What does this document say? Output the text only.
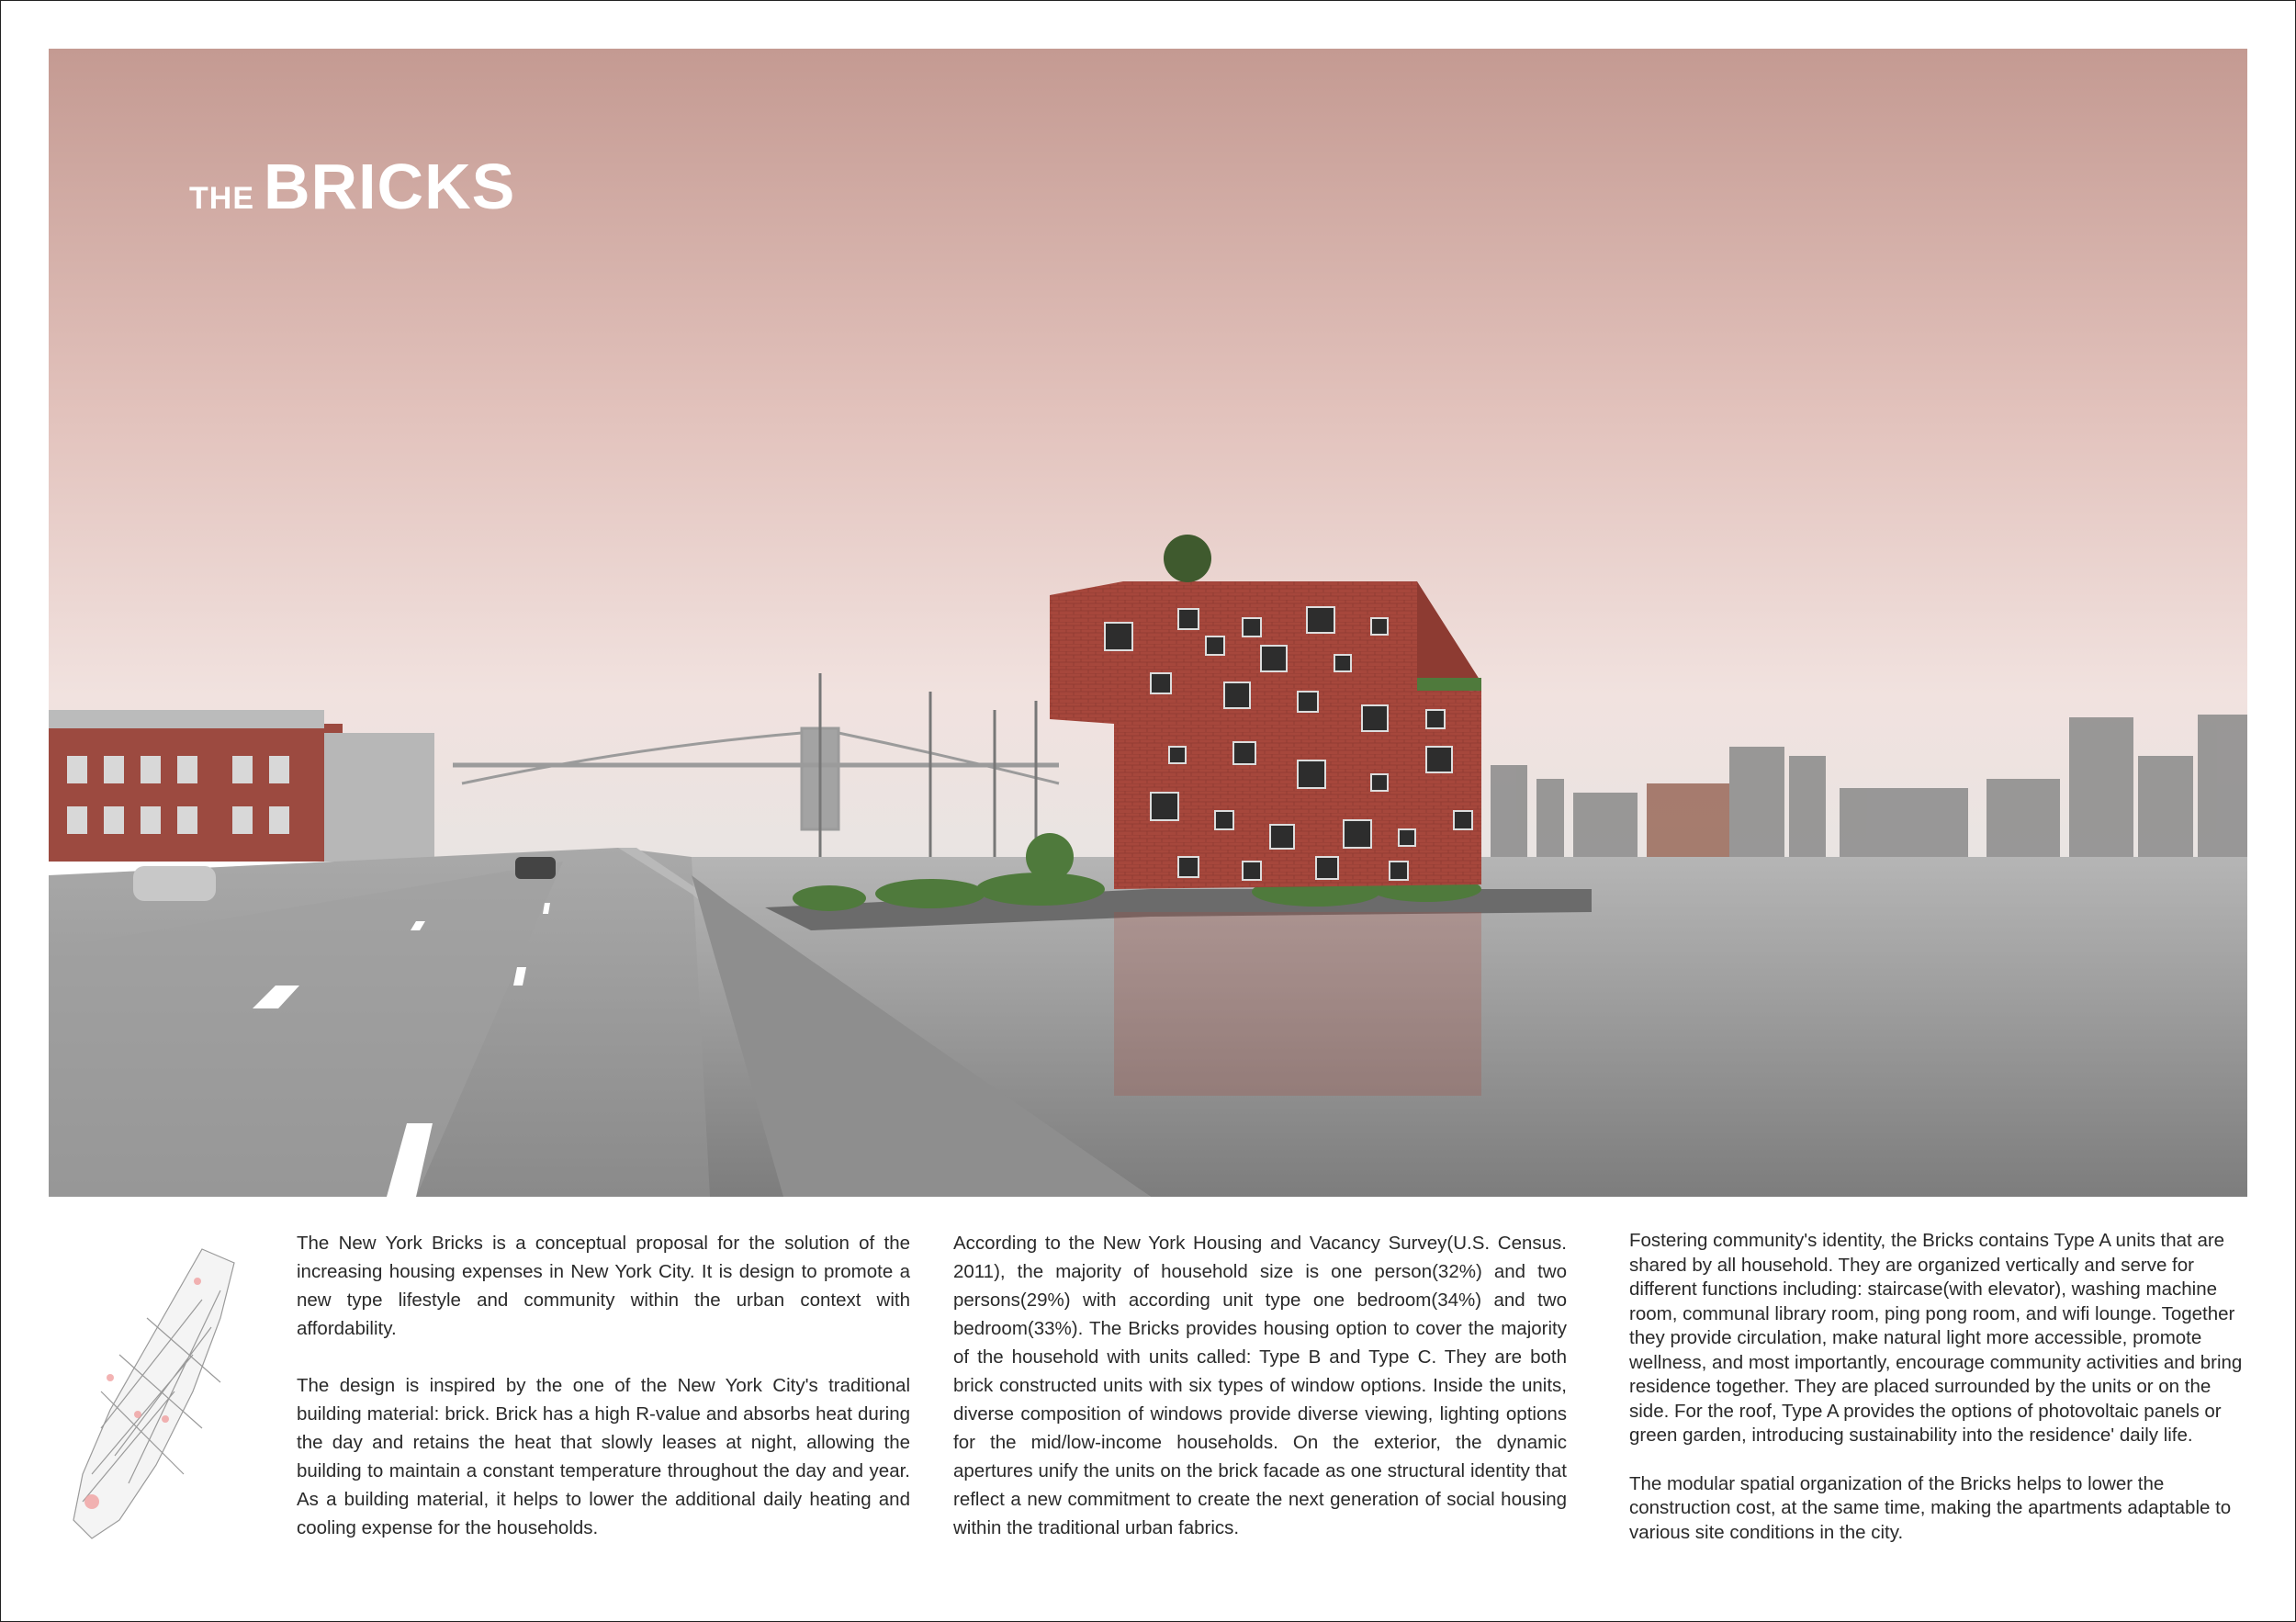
THE BRICKS

The New York Bricks is a conceptual proposal for the solution of the increasing housing expenses in New York City. It is design to promote a new type lifestyle and community within the urban context with affordability.

The design is inspired by the one of the New York City's traditional building material: brick. Brick has a high R-value and absorbs heat during the day and retains the heat that slowly leases at night, allowing the building to maintain a constant temperature throughout the day and year. As a building material, it helps to lower the additional daily heating and cooling expense for the households.

According to the New York Housing and Vacancy Survey(U.S. Census. 2011), the majority of household size is one person(32%) and two persons(29%) with according unit type one bedroom(34%) and two bedroom(33%). The Bricks provides housing option to cover the majority of the household with units called: Type B and Type C. They are both brick constructed units with six types of window options. Inside the units, diverse composition of windows provide diverse viewing, lighting options for the mid/low-income households. On the exterior, the dynamic apertures unify the units on the brick facade as one structural identity that reflect a new commitment to create the next generation of social housing within the traditional urban fabrics.

Fostering community's identity, the Bricks contains Type A units that are shared by all household. They are organized vertically and serve for different functions including: staircase(with elevator), washing machine room, communal library room, ping pong room, and wifi lounge. Together they provide circulation, make natural light more accessible, promote wellness, and most importantly, encourage community activities and bring residence together. They are placed surrounded by the units or on the side. For the roof, Type A provides the options of photovoltaic panels or green garden, introducing sustainability into the residence' daily life.

The modular spatial organization of the Bricks helps to lower the construction cost, at the same time, making the apartments adaptable to various site conditions in the city.
